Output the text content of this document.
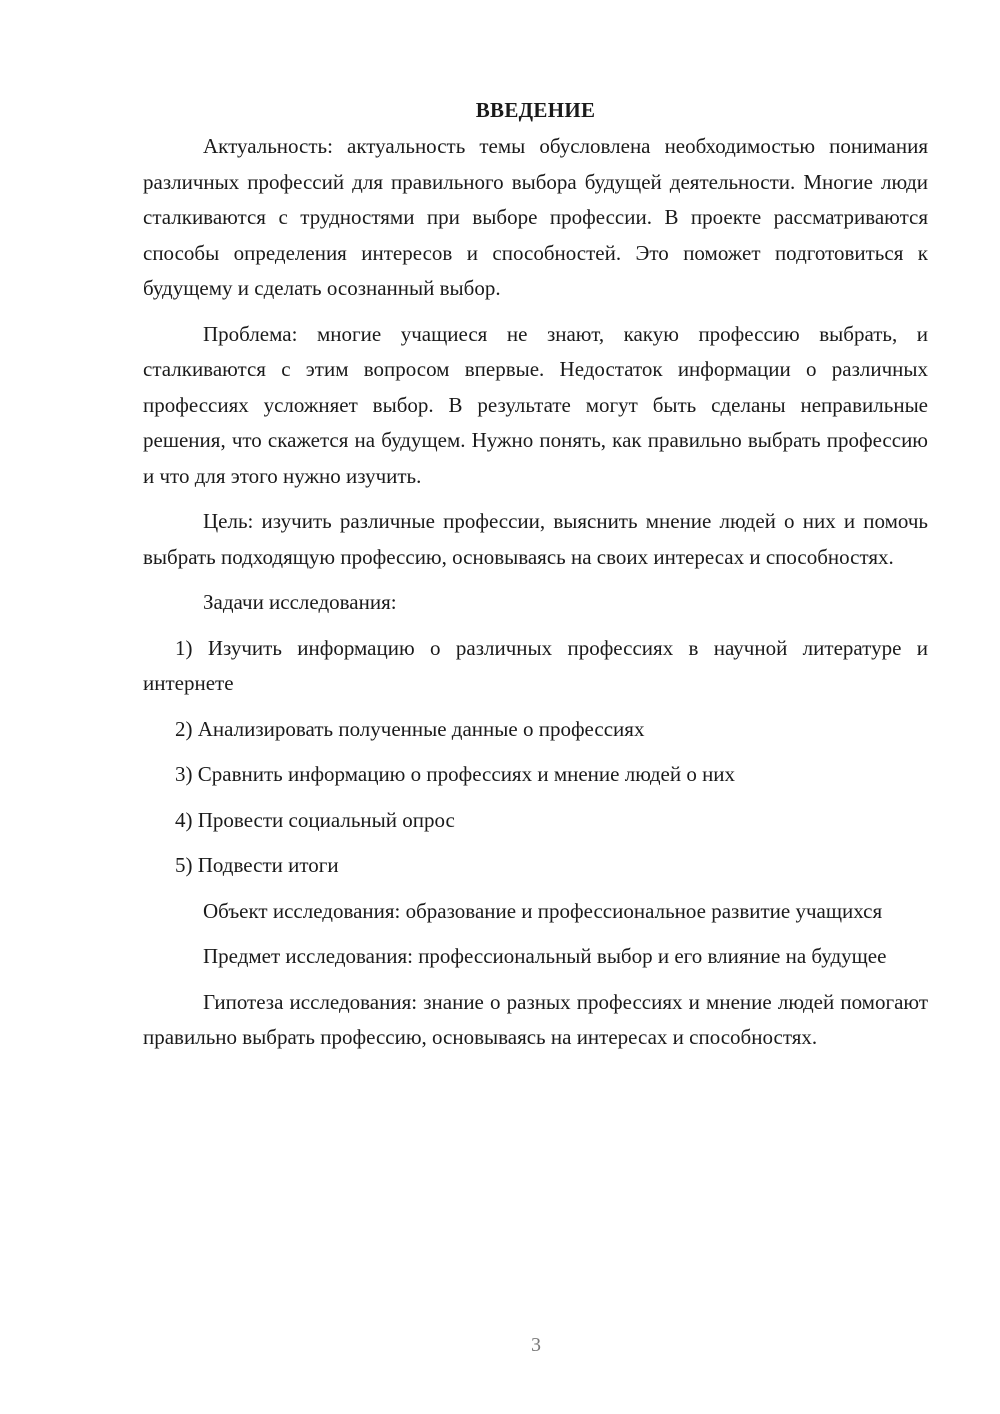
ВВЕДЕНИЕ

Актуальность: актуальность темы обусловлена необходимостью понимания различных профессий для правильного выбора будущей деятельности. Многие люди сталкиваются с трудностями при выборе профессии. В проекте рассматриваются способы определения интересов и способностей. Это поможет подготовиться к будущему и сделать осознанный выбор.

Проблема: многие учащиеся не знают, какую профессию выбрать, и сталкиваются с этим вопросом впервые. Недостаток информации о различных профессиях усложняет выбор. В результате могут быть сделаны неправильные решения, что скажется на будущем. Нужно понять, как правильно выбрать профессию и что для этого нужно изучить.

Цель: изучить различные профессии, выяснить мнение людей о них и помочь выбрать подходящую профессию, основываясь на своих интересах и способностях.

Задачи исследования:

1) Изучить информацию о различных профессиях в научной литературе и интернете

2) Анализировать полученные данные о профессиях

3) Сравнить информацию о профессиях и мнение людей о них

4) Провести социальный опрос

5) Подвести итоги

Объект исследования: образование и профессиональное развитие учащихся

Предмет исследования: профессиональный выбор и его влияние на будущее

Гипотеза исследования: знание о разных профессиях и мнение людей помогают правильно выбрать профессию, основываясь на интересах и способностях.

3
